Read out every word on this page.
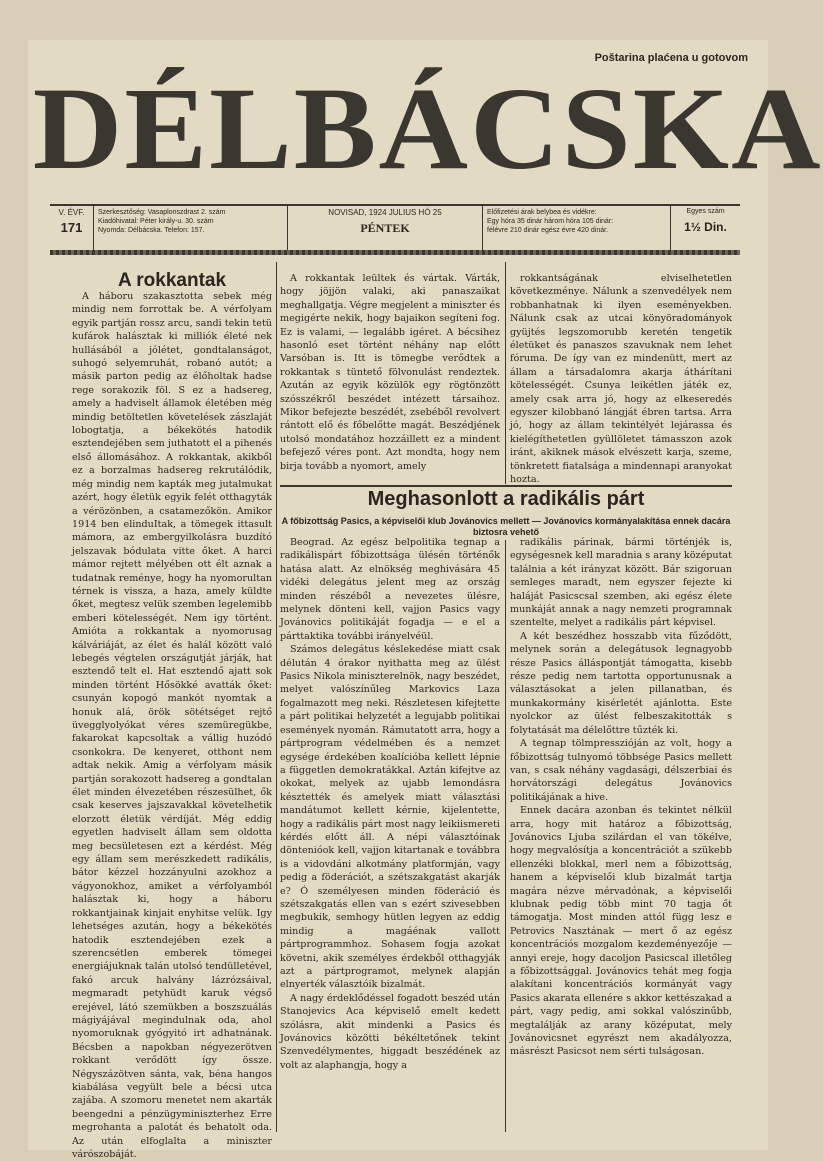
Poštarina plaćena u gotovom
DÉLBÁCSKA
V. ÉVF.
171
Szerkesztőség: Vasaplonszdrast 2. szám
Kiadóhivatal: Péter király-u. 30. szám
Nyomda: Délbácska. Telefon: 157.
NOVISAD, 1924 JULIUS HÓ 25
PÉNTEK
Előfizetési árak belybea és vidékre:
Egy hóra 35 dinár három hóra 105 dinár:
félévre 210 dinár egész évre 420 dinár.
Egyes szám
1½ Din.
A rokkantak

A háboru szakasztotta sebek még mindig nem forrottak be. A vérfolyam egyik partján rossz arcu, sandi tekin tetü kufárok halásztak ki milliók életé nek hullásából a jólétet, gondtalanságot, suhogó selyemruhát, robanó autót; a másik parton pedig az élőholtak hadse rege sorakozik föl. S ez a hadsereg, amely a hadviselt államok életében még mindig betöltetlen követelések zászlaját lobogtatja, a békekötés hatodik esztendejében sem juthatott el a pihenés első állomásához. A rokkantak, akikből ez a borzalmas hadsereg rekrutálódik, még mindig nem kapták meg jutalmukat azért, hogy életük egyik felét otthagyták a vérözönben, a csatamezőkön. Amikor 1914 ben elinduItak, a tömegek ittasult mámora, az embergyilkolásra buzdító jelszavak bódulata vitte őket. A harci mámor rejtett mélyében ott élt aznak a tudatnak reménye, hogy ha nyomorultan térnek is vissza, a haza, amely küldte őket, megtesz velük szemben legelemibb emberi kötelességét. Nem igy történt. Amióta a rokkantak a nyomorusag kálváriáját, az élet és halál között való lebegés végtelen országutját járják, hat esztendő telt el. Hat esztendő ajatt sok minden történt Hősökké avatták őket: csunyán kopogó mankót nyomtak a honuk alá, örök sötétséget rejtő üvegglyolyókat véres szemüregükbe, fakarokat kapcsoltak a vállig huzódó csonkokra. De kenyeret, otthont nem adtak nekik. Amig a vérfolyam másik partján sorakozott hadsereg a gondtalan élet minden élvezetében részesülhet, ők csak keserves jajszavakkal követelhetik elorzott életük vérdíját. Még eddig egyetlen hadviselt állam sem oldotta meg becsületesen ezt a kérdést. Még egy állam sem merészkedett radikális, bátor kézzel hozzányulni azokhoz a vágyonokhoz, amiket a vérfolyamból halásztak ki, hogy a háboru rokkantjainak kinjait enyhitse velük. Igy lehetséges azután, hogy a békekötés hatodik esztendejében ezek a szerencsétlen emberek tömegei energiájuknak talán utolsó tendülletével, fakó arcuk halvány lázrózsáival, megmaradt petyhüdt karuk végső erejével, látó szemükben a boszszuálás mágiyájával megindulnak oda, ahol nyomoruknak gyógyitó irt adhatnának. Bécsben a napokban négyezerötven rokkant verődött így össze. Négyszázötven sánta, vak, béna hangos kiabálása vegyült bele a bécsi utca zajába. A szomoru menetet nem akarták beengedni a pénzügyminiszterhez Erre megrohanta a palotát és behatolt oda. Az után elfoglalta a miniszter várószobáját.

A rokkantak leültek és vártak. Várták, hogy jöjjön valaki, aki panaszaikat meghallgatja. Végre megjelent a miniszter és megigérte nekik, hogy bajaikon segíteni fog. Ez is valami, — legalább igéret. A bécsihez hasonló eset történt néhány nap előtt Varsóban is. Itt is tömegbe verődtek a rokkantak s tüntető fölvonulást rendeztek. Azután az egyik közülök egy rögtönzött szósszékről beszédet intézett társaihoz. Mikor befejezte beszédét, zsebéből revolvert rántott elő és főbelőtte magát. Beszédjének utolsó mondatához hozzáillett ez a mindent befejező véres pont. Azt mondta, hogy nem birja tovább a nyomort, amely

rokkantságának elviselhetetlen következménye. Nálunk a szenvedélyek nem robbanhatnak ki ilyen eseményekben. Nálunk csak az utcai könyöradományok gyüjtés legszomorubb keretén tengetik életüket és panaszos szavuknak nem lehet fóruma. De így van ez mindenütt, mert az állam a társadalomra akarja áthárítani kötelességét. Csunya leikétlen játék ez, amely csak arra jó, hogy az elkeseredés egyszer kilobbanó lángját ébren tartsa. Arra jó, hogy az állam tekintélyét lejárassa és kielégíthetetlen gyüllöletet támasszon azok iránt, akiknek mások elvészett karja, szeme, tönkretett fiatalsága a mindennapi aranyokat hozta.

Meghasonlott a radikális párt
A főbizottság Pasics, a képviselői klub Jovánovics mellett — Jovánovics kormányalakítása ennek dacára biztosra vehető

Beograd. Az egész belpolitika tegnap a radikálispárt főbizottsága ülésén történők hatása alatt. Az elnökség meghivására 45 vidéki delegátus jelent meg az ország minden részéből a nevezetes ülésre, melynek dönteni kell, vajjon Pasics vagy Jovánovics politikáját fogadja — e el a párttaktika további irányelvéül.

Számos delegátus késlekedése miatt csak délután 4 órakor nyithatta meg az ülést Pasics Nikola miniszterelnök, nagy beszédet, melyet valószínűleg Markovics Laza fogalmazott meg neki. Részletesen kifejtette a párt politikai helyzetét a legujabb politikai események nyomán. Rámutatott arra, hogy a pártprogram védelmében és a nemzet egysége érdekében koalícióba kellett lépnie a független demokratákkal. Aztán kifejtve az okokat, melyek az ujabb lemondásra késztették és amelyek miatt választási mandátumot kellett kérnie, kijelentette, hogy a radikális párt most nagy leikiismereti kérdés előtt áll. A népi választóinak döntenióok kell, vajjon kitartanak e továbbra is a vidovdáni alkotmány platformján, vagy pedig a föderációt, a szétszakgatást akarják e? Ó személyesen minden föderáció és szétszakgatás ellen van s ezért szivesebben megbukik, semhogy hütlen legyen az eddig mindig a magáénak vallott pártprogrammhoz. Sohasem fogja azokat követni, akik személyes érdekből otthagyják azt a pártprogramot, melynek alapján elnyerték választóik bizalmát.

A nagy érdeklődéssel fogadott beszéd után Stanojevics Aca képviselő emelt kedett szólásra, akit mindenki a Pasics és Jovánovics közötti békéltetőnek tekint Szenvedélymentes, higgadt beszédének az volt az alaphangja, hogy a

radikális párinak, bármi történjék is, egységesnek kell maradnia s arany középutat találnia a két irányzat között. Bár szigoruan semleges maradt, nem egyszer fejezte ki haláját Pasicscsal szemben, aki egész élete munkáját annak a nagy nemzeti programnak szentelte, melyet a radikális párt képvisel.

A két beszédhez hosszabb vita fűződött, melynek során a delegátusok legnagyobb része Pasics álláspontját támogatta, kisebb része pedig nem tartotta opportunusnak a választásokat a jelen pillanatban, és munkakormány kisérletét ajánlotta. Este nyolckor az ülést felbeszakitották s folytatását ma délelőttre tűzték ki.

A tegnap tölmpresszióján az volt, hogy a főbizottság tulnyomó többsége Pasics mellett van, s csak néhány vagdasági, délszerbiai és horvátországi delegátus Jovánovics politikájának a hive.

Ennek dacára azonban és tekintet nélkül arra, hogy mit határoz a főbizottság, Jovánovics Ljuba szilárdan el van tökélve, hogy megvalósítja a koncentrációt a szükebb ellenzéki blokkal, merl nem a főbizottság, hanem a képviselői klub bizalmát tartja magára nézve mérvadónak, a képviselői klubnak pedig több mint 70 tagja őt támogatja. Most minden attól függ lesz e Petrovics Nasztának — mert ő az egész koncentrációs mozgalom kezdeményezője — annyi ereje, hogy dacoljon Pasicscal illetőleg a főbizottsággal. Jovánovics tehát meg fogja alakítani koncentrációs kormányát vagy Pasics akarata ellenére s akkor kettészakad a párt, vagy pedig, ami sokkal valószinűbb, megtalálják az arany középutat, mely Jovánovicsnet egyrészt nem akadályozza, másrészt Pasicsot nem sérti tulságosan.
